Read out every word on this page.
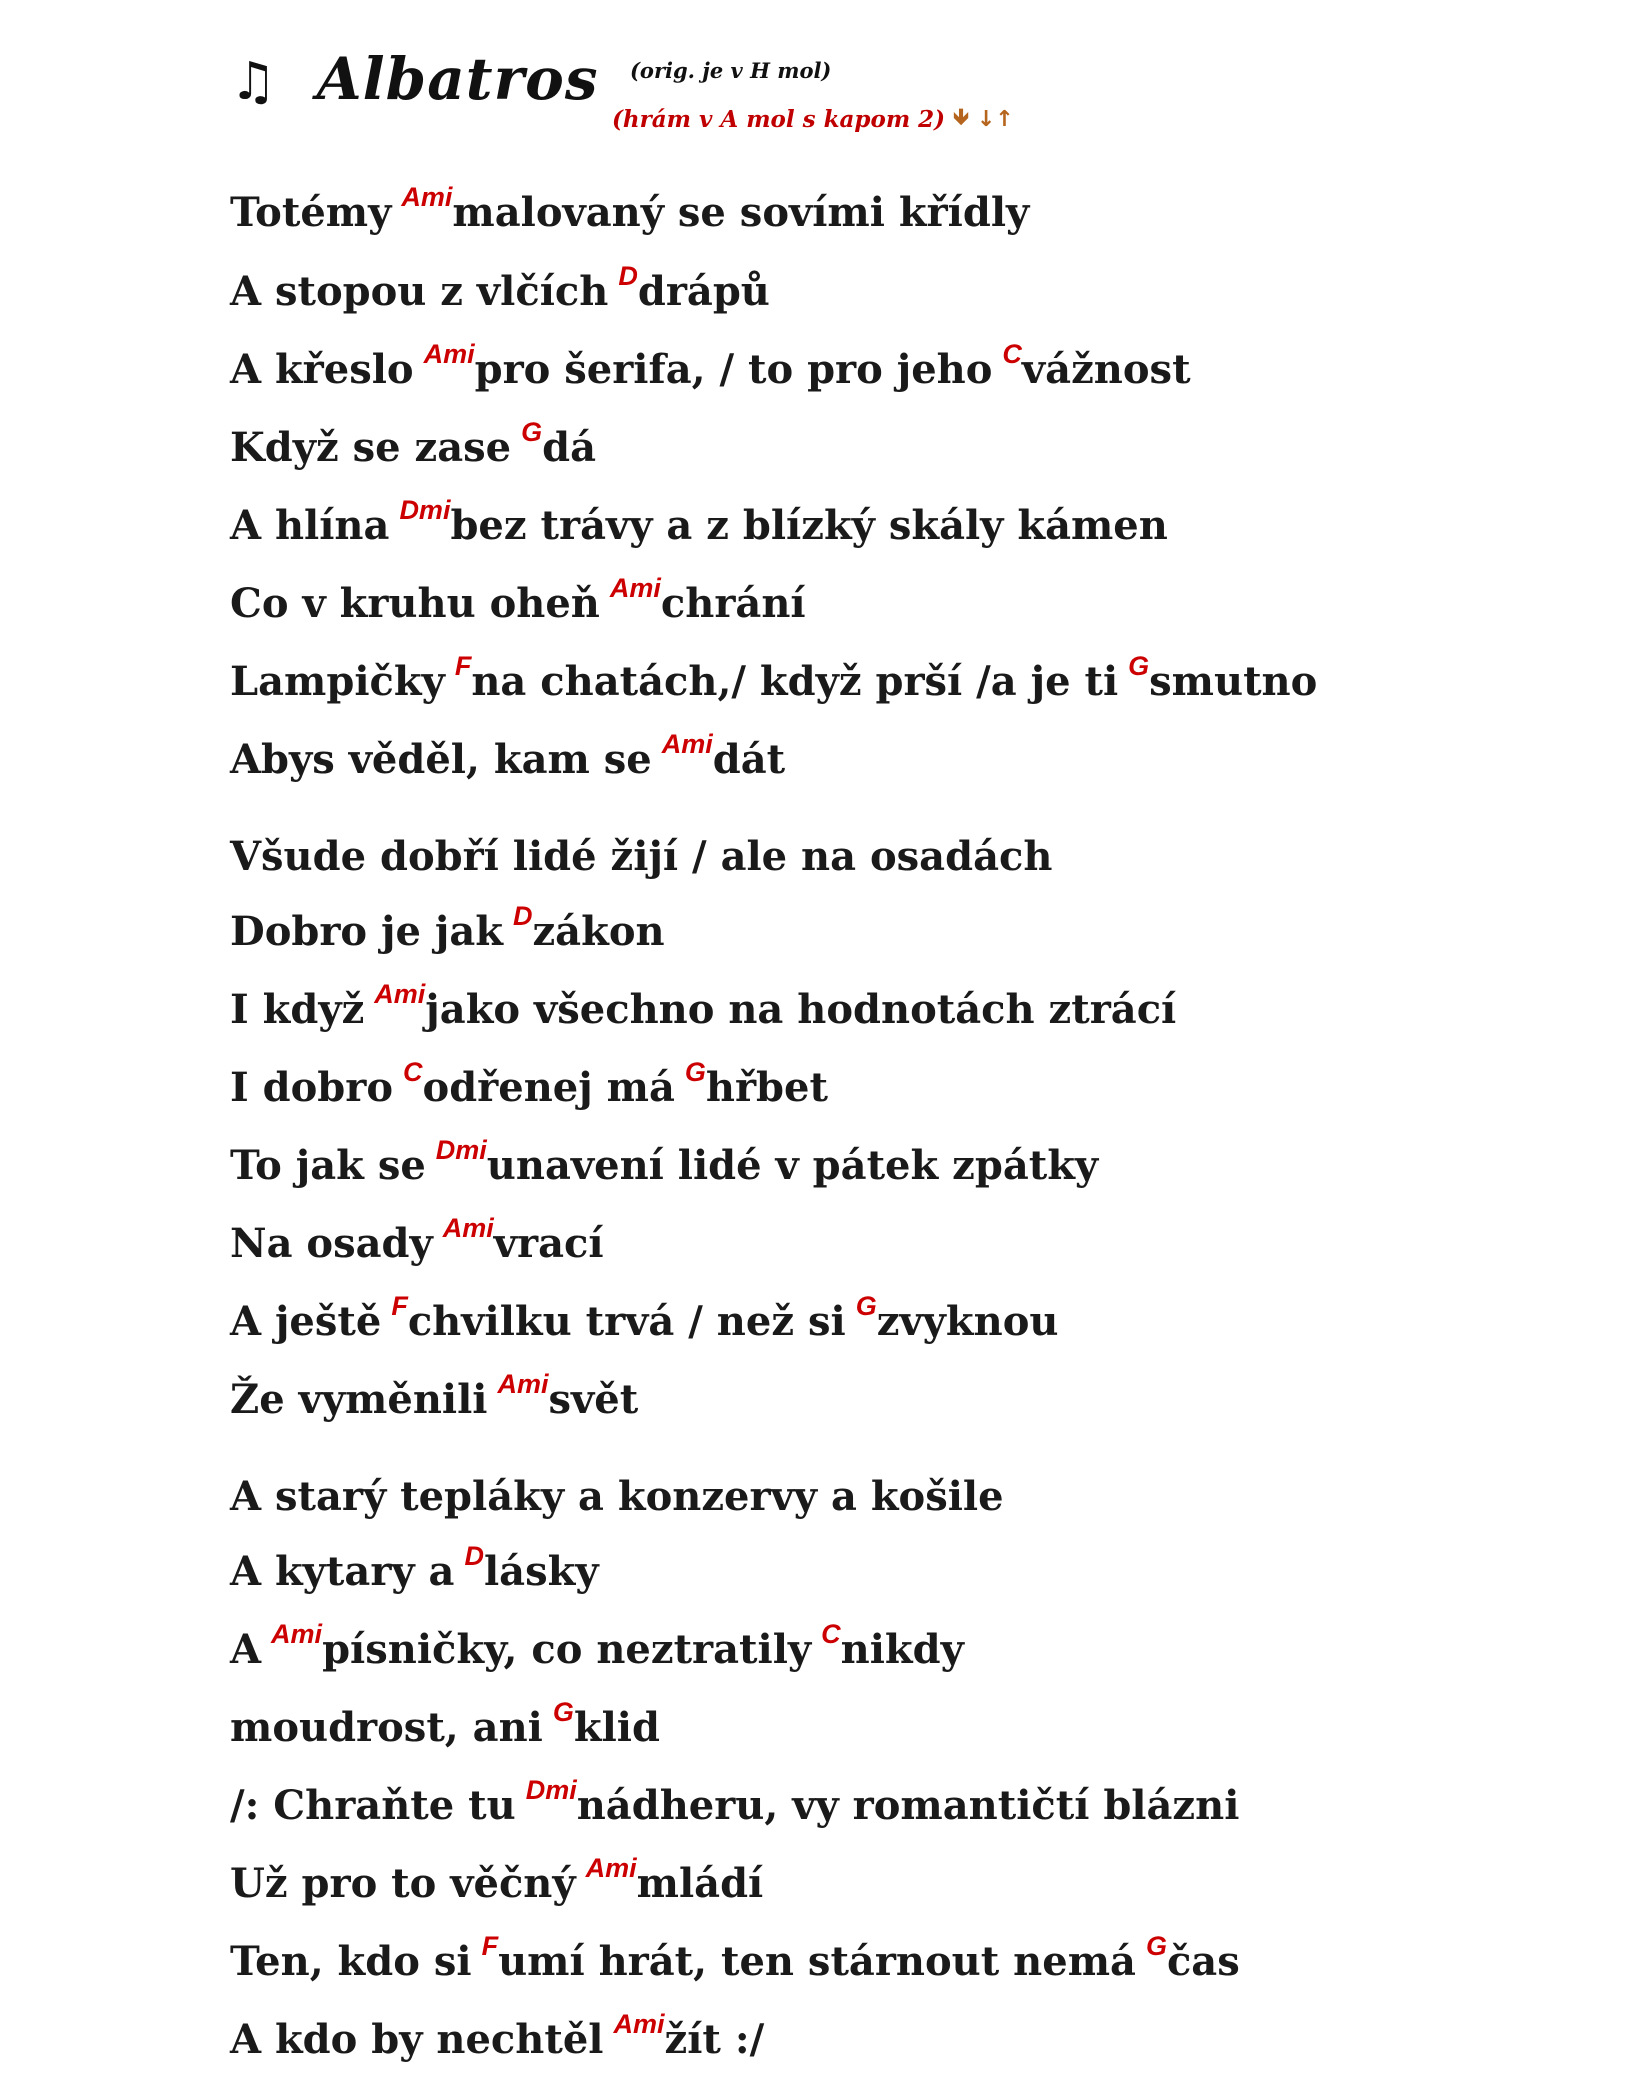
♫ Albatros (orig. je v H mol)
(hrám v A mol s kapom 2) 🡻 ↓↑
Totémy $^{Ami}$malovaný se sovími křídly
A stopou z vlčích $^D$drápů
A křeslo $^{Ami}$pro šerifa, / to pro jeho $^C$vážnost
Když se zase $^G$dá
A hlína $^{Dmi}$bez trávy a z blízký skály kámen
Co v kruhu oheň $^{Ami}$chrání
Lampičky $^F$na chatách,/ když prší /a je ti $^G$smutno
Abys věděl, kam se $^{Ami}$dát
Všude dobří lidé žijí / ale na osadách
Dobro je jak $^D$zákon
I když $^{Ami}$jako všechno na hodnotách ztrácí
I dobro $^C$odřenej má $^G$hřbet
To jak se $^{Dmi}$unavení lidé v pátek zpátky
Na osady $^{Ami}$vrací
A ještě $^F$chvilku trvá / než si $^G$zvyknou
Že vyměnili $^{Ami}$svět
A starý tepláky a konzervy a košile
A kytary a $^D$lásky
A $^{Ami}$písničky, co neztratily $^C$nikdy
moudrost, ani $^G$klid
/: Chraňte tu $^{Dmi}$nádheru, vy romantičtí blázni
Už pro to věčný $^{Ami}$mládí
Ten, kdo si $^F$umí hrát, ten stárnout nemá $^G$čas
A kdo by nechtěl $^{Ami}$žít :/
